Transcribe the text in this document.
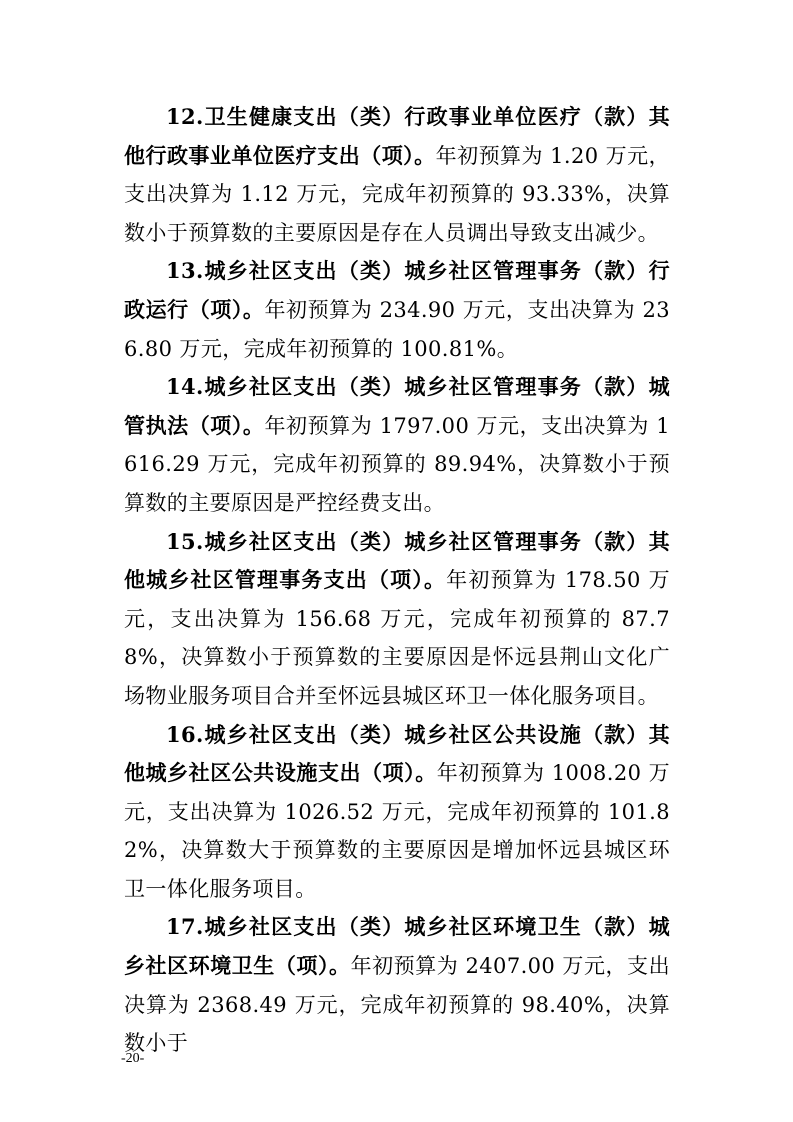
12.卫生健康支出（类）行政事业单位医疗（款）其他行政事业单位医疗支出（项）。年初预算为 1.20 万元，支出决算为 1.12 万元，完成年初预算的 93.33%，决算数小于预算数的主要原因是存在人员调出导致支出减少。

13.城乡社区支出（类）城乡社区管理事务（款）行政运行（项）。年初预算为 234.90 万元，支出决算为 236.80 万元，完成年初预算的 100.81%。

14.城乡社区支出（类）城乡社区管理事务（款）城管执法（项）。年初预算为 1797.00 万元，支出决算为 1616.29 万元，完成年初预算的 89.94%，决算数小于预算数的主要原因是严控经费支出。

15.城乡社区支出（类）城乡社区管理事务（款）其他城乡社区管理事务支出（项）。年初预算为 178.50 万元，支出决算为 156.68 万元，完成年初预算的 87.78%，决算数小于预算数的主要原因是怀远县荆山文化广场物业服务项目合并至怀远县城区环卫一体化服务项目。

16.城乡社区支出（类）城乡社区公共设施（款）其他城乡社区公共设施支出（项）。年初预算为 1008.20 万元，支出决算为 1026.52 万元，完成年初预算的 101.82%，决算数大于预算数的主要原因是增加怀远县城区环卫一体化服务项目。

17.城乡社区支出（类）城乡社区环境卫生（款）城乡社区环境卫生（项）。年初预算为 2407.00 万元，支出决算为 2368.49 万元，完成年初预算的 98.40%，决算数小于

-20-
